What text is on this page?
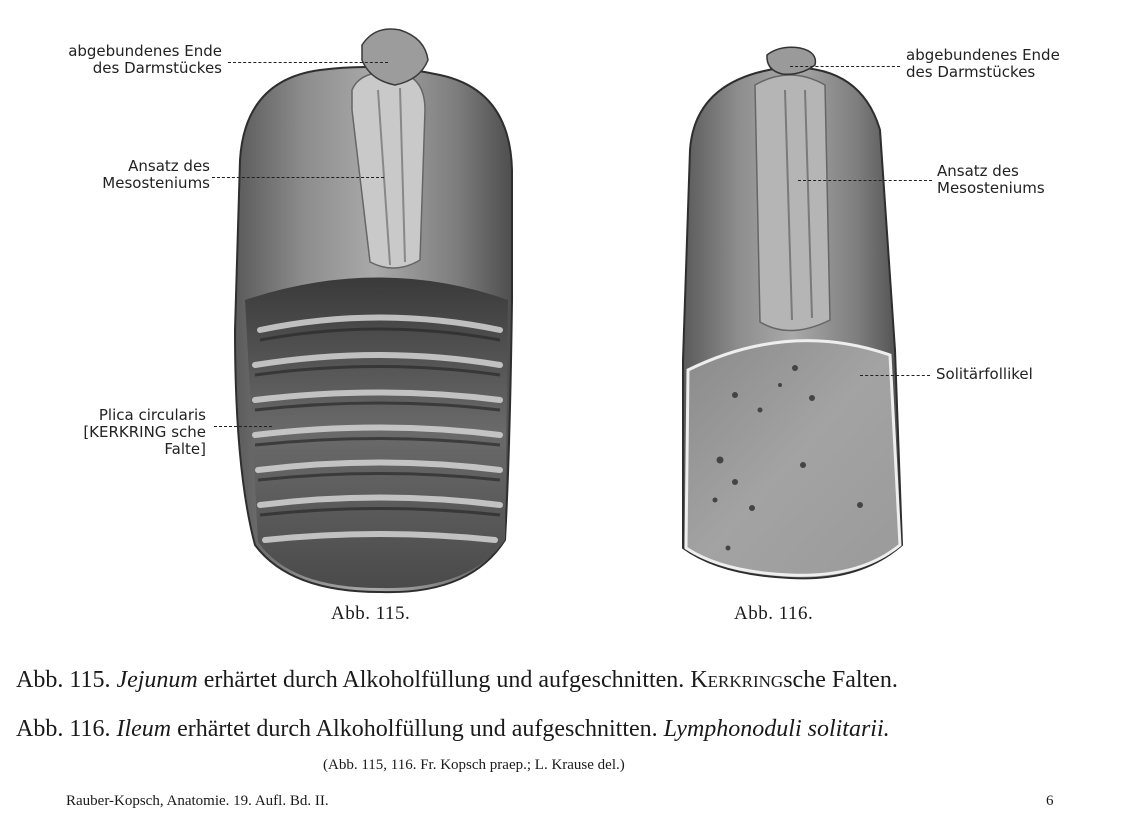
abgebundenes Ende
des Darmstückes
Ansatz des
Mesosteniums
Plica circularis
[KERKRING sche
Falte]
Abb. 115.
abgebundenes Ende
des Darmstückes
Ansatz des
Mesosteniums
Solitärfollikel
Abb. 116.
Abb. 115. Jejunum erhärtet durch Alkoholfüllung und aufgeschnitten. Kerkringsche Falten.
Abb. 116. Ileum erhärtet durch Alkoholfüllung und aufgeschnitten. Lymphonoduli solitarii.
(Abb. 115, 116. Fr. Kopsch praep.; L. Krause del.)
Rauber-Kopsch, Anatomie. 19. Aufl. Bd. II.	6
